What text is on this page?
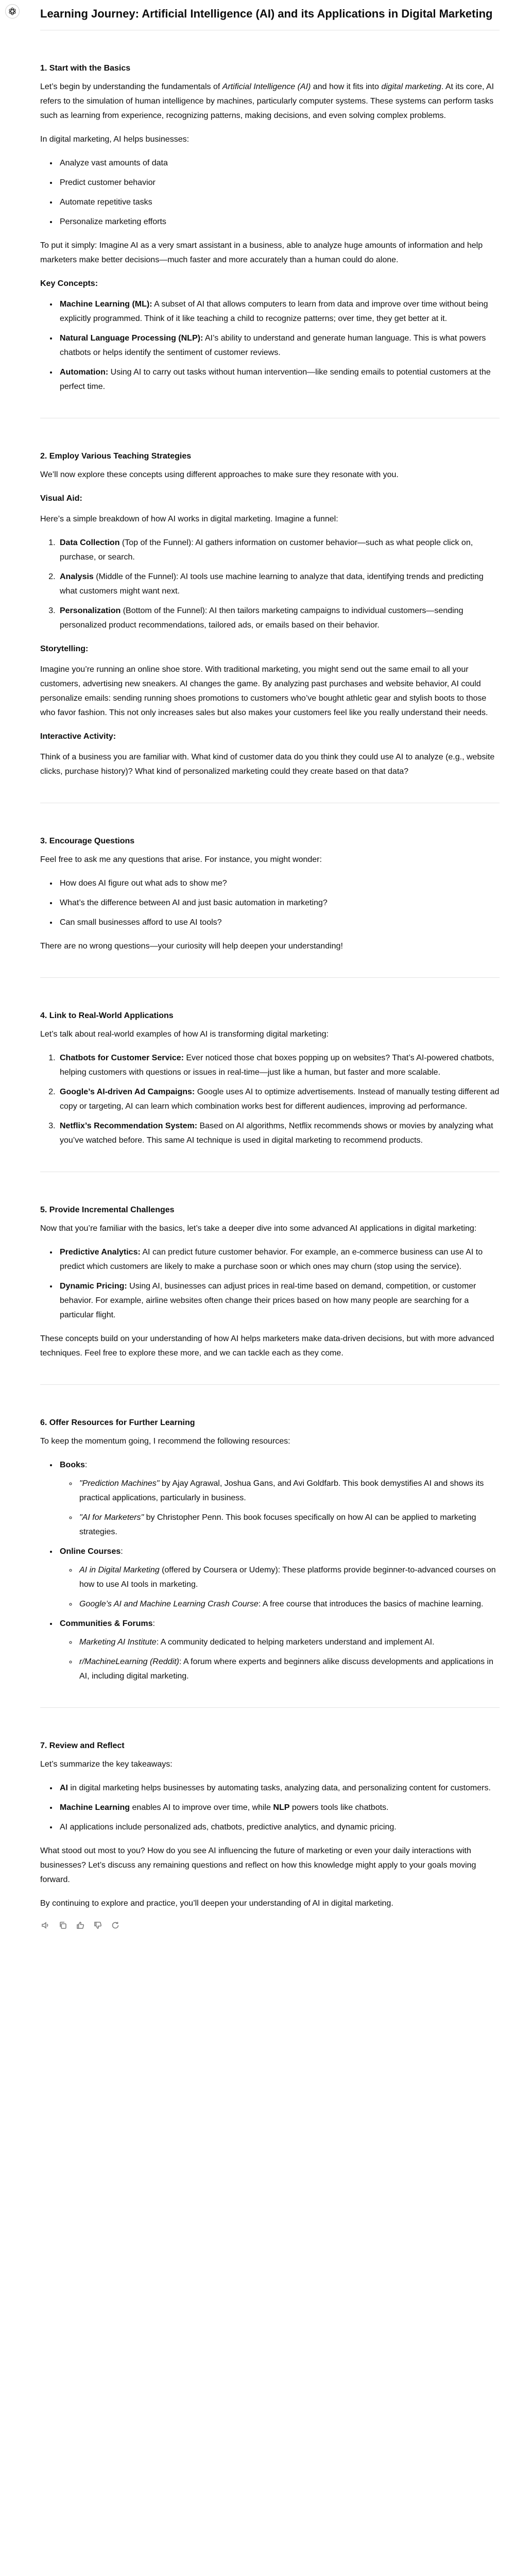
Learning Journey: Artificial Intelligence (AI) and its Applications in Digital Marketing
1. Start with the Basics

Let’s begin by understanding the fundamentals of Artificial Intelligence (AI) and how it fits into digital marketing. At its core, AI refers to the simulation of human intelligence by machines, particularly computer systems. These systems can perform tasks such as learning from experience, recognizing patterns, making decisions, and even solving complex problems.

In digital marketing, AI helps businesses:

• Analyze vast amounts of data
• Predict customer behavior
• Automate repetitive tasks
• Personalize marketing efforts

To put it simply: Imagine AI as a very smart assistant in a business, able to analyze huge amounts of information and help marketers make better decisions—much faster and more accurately than a human could do alone.

Key Concepts:

• Machine Learning (ML): A subset of AI that allows computers to learn from data and improve over time without being explicitly programmed. Think of it like teaching a child to recognize patterns; over time, they get better at it.
• Natural Language Processing (NLP): AI’s ability to understand and generate human language. This is what powers chatbots or helps identify the sentiment of customer reviews.
• Automation: Using AI to carry out tasks without human intervention—like sending emails to potential customers at the perfect time.
2. Employ Various Teaching Strategies

We’ll now explore these concepts using different approaches to make sure they resonate with you.

Visual Aid:

Here’s a simple breakdown of how AI works in digital marketing. Imagine a funnel:

1. Data Collection (Top of the Funnel): AI gathers information on customer behavior—such as what people click on, purchase, or search.
2. Analysis (Middle of the Funnel): AI tools use machine learning to analyze that data, identifying trends and predicting what customers might want next.
3. Personalization (Bottom of the Funnel): AI then tailors marketing campaigns to individual customers—sending personalized product recommendations, tailored ads, or emails based on their behavior.

Storytelling:

Imagine you’re running an online shoe store. With traditional marketing, you might send out the same email to all your customers, advertising new sneakers. AI changes the game. By analyzing past purchases and website behavior, AI could personalize emails: sending running shoes promotions to customers who’ve bought athletic gear and stylish boots to those who favor fashion. This not only increases sales but also makes your customers feel like you really understand their needs.

Interactive Activity:

Think of a business you are familiar with. What kind of customer data do you think they could use AI to analyze (e.g., website clicks, purchase history)? What kind of personalized marketing could they create based on that data?

3. Encourage Questions

Feel free to ask me any questions that arise. For instance, you might wonder:

• How does AI figure out what ads to show me?
• What’s the difference between AI and just basic automation in marketing?
• Can small businesses afford to use AI tools?

There are no wrong questions—your curiosity will help deepen your understanding!

4. Link to Real-World Applications

Let’s talk about real-world examples of how AI is transforming digital marketing:

1. Chatbots for Customer Service: Ever noticed those chat boxes popping up on websites? That’s AI-powered chatbots, helping customers with questions or issues in real-time—just like a human, but faster and more scalable.
2. Google’s AI-driven Ad Campaigns: Google uses AI to optimize advertisements. Instead of manually testing different ad copy or targeting, AI can learn which combination works best for different audiences, improving ad performance.
3. Netflix’s Recommendation System: Based on AI algorithms, Netflix recommends shows or movies by analyzing what you’ve watched before. This same AI technique is used in digital marketing to recommend products.
5. Provide Incremental Challenges

Now that you’re familiar with the basics, let’s take a deeper dive into some advanced AI applications in digital marketing:

• Predictive Analytics: AI can predict future customer behavior. For example, an e-commerce business can use AI to predict which customers are likely to make a purchase soon or which ones may churn (stop using the service).
• Dynamic Pricing: Using AI, businesses can adjust prices in real-time based on demand, competition, or customer behavior. For example, airline websites often change their prices based on how many people are searching for a particular flight.

These concepts build on your understanding of how AI helps marketers make data-driven decisions, but with more advanced techniques. Feel free to explore these more, and we can tackle each as they come.

6. Offer Resources for Further Learning

To keep the momentum going, I recommend the following resources:

• Books:
◦ "Prediction Machines" by Ajay Agrawal, Joshua Gans, and Avi Goldfarb. This book demystifies AI and shows its practical applications, particularly in business.
◦ "AI for Marketers" by Christopher Penn. This book focuses specifically on how AI can be applied to marketing strategies.
• Online Courses:
◦ AI in Digital Marketing (offered by Coursera or Udemy): These platforms provide beginner-to-advanced courses on how to use AI tools in marketing.
◦ Google’s AI and Machine Learning Crash Course: A free course that introduces the basics of machine learning.
• Communities & Forums:
◦ Marketing AI Institute: A community dedicated to helping marketers understand and implement AI.
◦ r/MachineLearning (Reddit): A forum where experts and beginners alike discuss developments and applications in AI, including digital marketing.
7. Review and Reflect

Let’s summarize the key takeaways:

• AI in digital marketing helps businesses by automating tasks, analyzing data, and personalizing content for customers.
• Machine Learning enables AI to improve over time, while NLP powers tools like chatbots.
• AI applications include personalized ads, chatbots, predictive analytics, and dynamic pricing.

What stood out most to you? How do you see AI influencing the future of marketing or even your daily interactions with businesses? Let’s discuss any remaining questions and reflect on how this knowledge might apply to your goals moving forward.

By continuing to explore and practice, you’ll deepen your understanding of AI in digital marketing.
